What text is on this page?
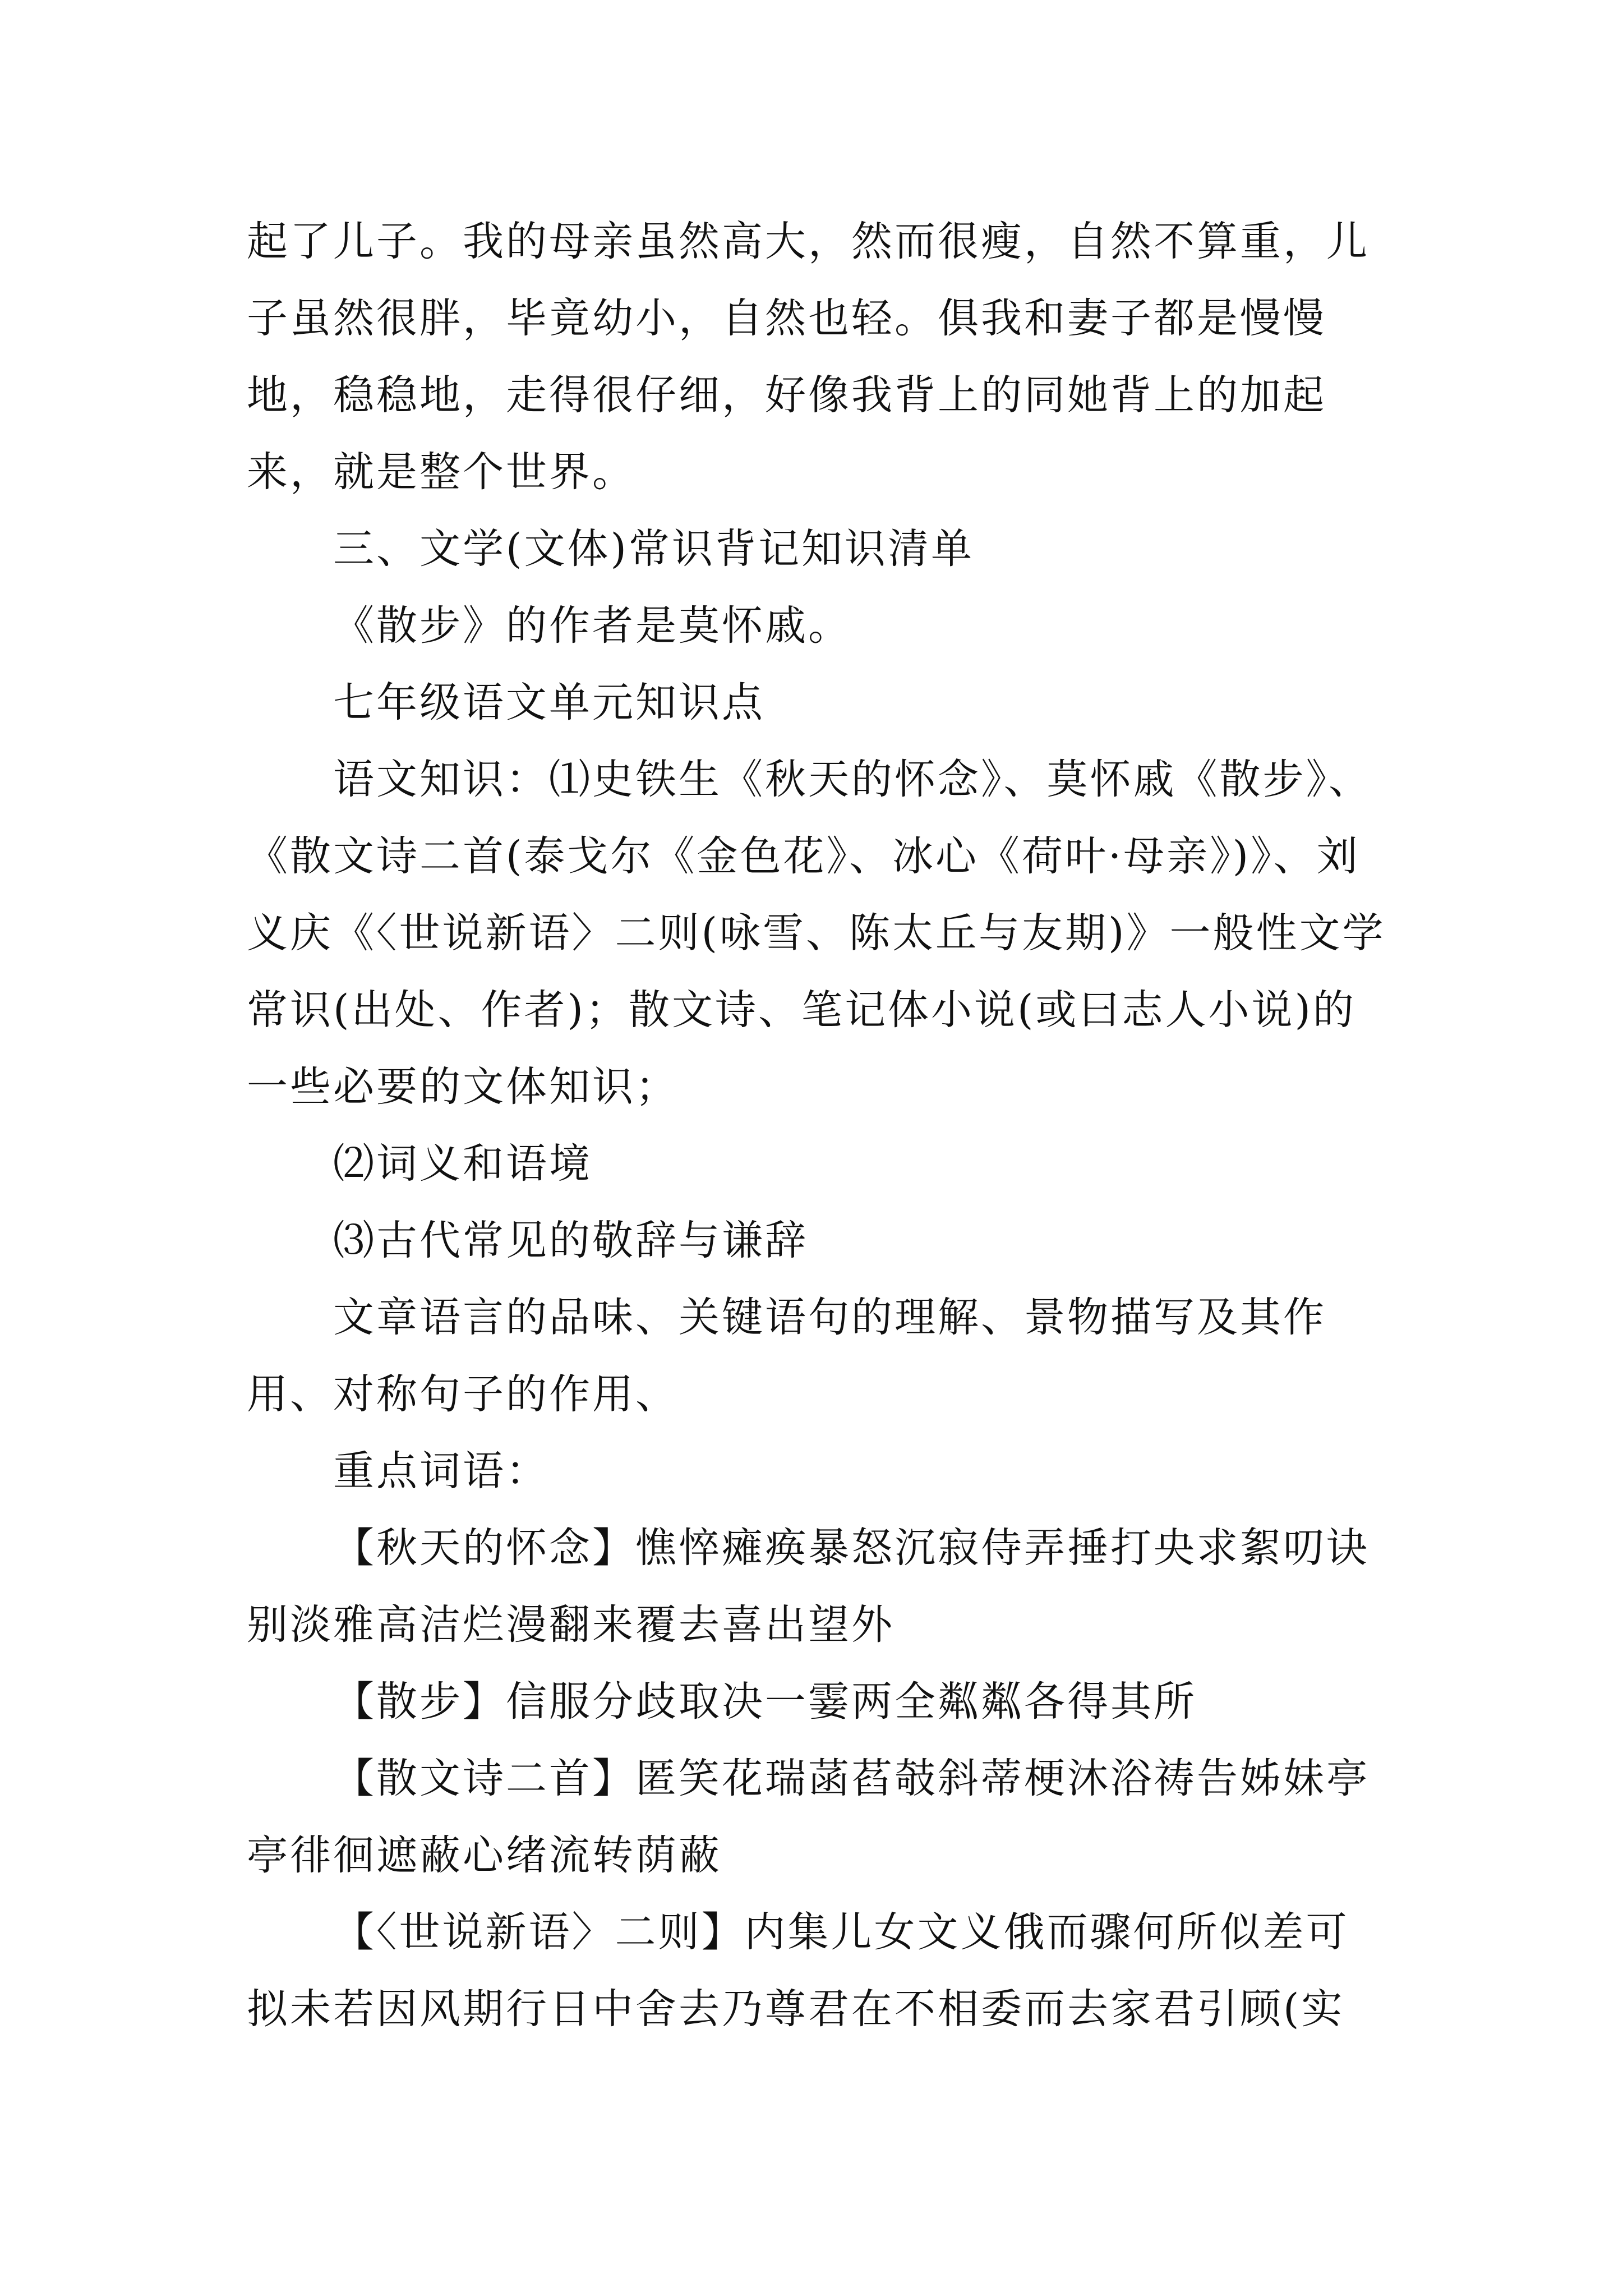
起了儿子。我的母亲虽然高大，然而很瘦，自然不算重，儿子虽然很胖，毕竟幼小，自然也轻。俱我和妻子都是慢慢地，稳稳地，走得很仔细，好像我背上的同她背上的加起来，就是整个世界。

三、文学(文体)常识背记知识清单

《散步》的作者是莫怀戚。

七年级语文单元知识点

语文知识：⑴史铁生《秋天的怀念》、莫怀戚《散步》、《散文诗二首(泰戈尔《金色花》、冰心《荷叶·母亲》)》、刘义庆《〈世说新语〉二则(咏雪、陈太丘与友期)》一般性文学常识(出处、作者)；散文诗、笔记体小说(或曰志人小说)的一些必要的文体知识；

⑵词义和语境

⑶古代常见的敬辞与谦辞

文章语言的品味、关键语句的理解、景物描写及其作用、对称句子的作用、

重点词语：

【秋天的怀念】憔悴瘫痪暴怒沉寂侍弄捶打央求絮叨诀别淡雅高洁烂漫翻来覆去喜出望外

【散步】信服分歧取决一霎两全粼粼各得其所

【散文诗二首】匿笑花瑞菡萏攲斜蒂梗沐浴祷告姊妹亭亭徘徊遮蔽心绪流转荫蔽

【〈世说新语〉二则】内集儿女文义俄而骤何所似差可拟未若因风期行日中舍去乃尊君在不相委而去家君引顾(实
